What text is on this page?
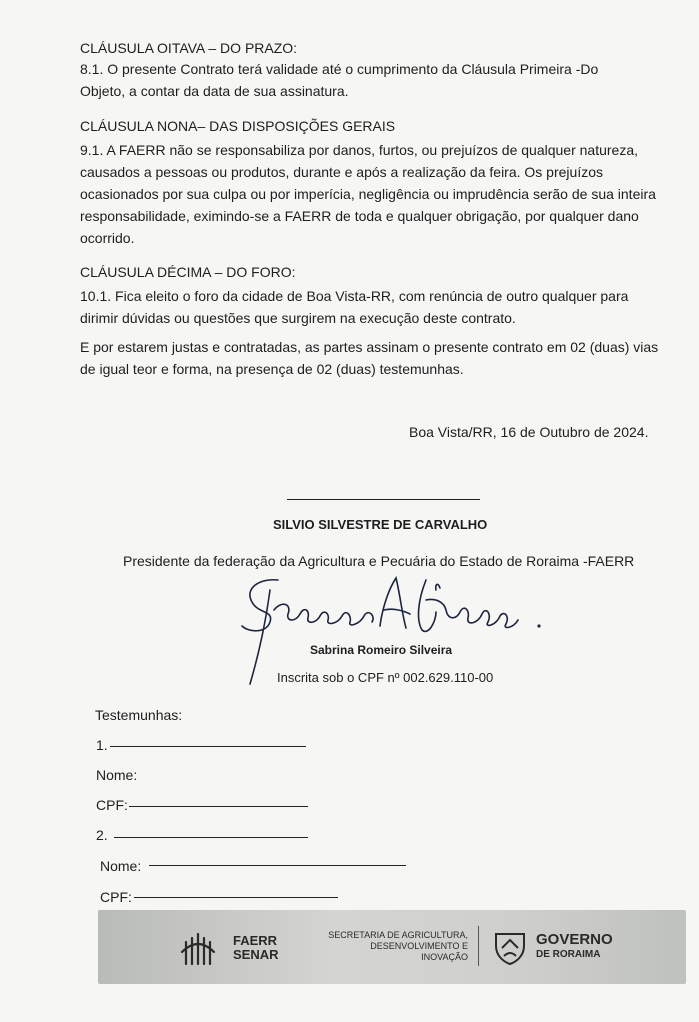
CLÁUSULA OITAVA – DO PRAZO:
8.1. O presente Contrato terá validade até o cumprimento da Cláusula Primeira -Do Objeto, a contar da data de sua assinatura.
CLÁUSULA NONA– DAS DISPOSIÇÕES GERAIS
9.1. A FAERR não se responsabiliza por danos, furtos, ou prejuízos de qualquer natureza, causados a pessoas ou produtos, durante e após a realização da feira. Os prejuízos ocasionados por sua culpa ou por imperícia, negligência ou imprudência serão de sua inteira responsabilidade, eximindo-se a FAERR de toda e qualquer obrigação, por qualquer dano ocorrido.
CLÁUSULA DÉCIMA – DO FORO:
10.1. Fica eleito o foro da cidade de Boa Vista-RR, com renúncia de outro qualquer para dirimir dúvidas ou questões que surgirem na execução deste contrato.
E por estarem justas e contratadas, as partes assinam o presente contrato em 02 (duas) vias de igual teor e forma, na presença de 02 (duas) testemunhas.
Boa Vista/RR, 16 de Outubro de 2024.
SILVIO SILVESTRE DE CARVALHO
Presidente da federação da Agricultura e Pecuária do Estado de Roraima -FAERR
Sabrina Romeiro Silveira
Inscrita sob o CPF nº 002.629.110-00
Testemunhas:
1.
Nome:
CPF:
2.
Nome:
CPF:
FAERR
SENAR
SECRETARIA DE AGRICULTURA,
DESENVOLVIMENTO E
INOVAÇÃO
GOVERNO
DE RORAIMA
